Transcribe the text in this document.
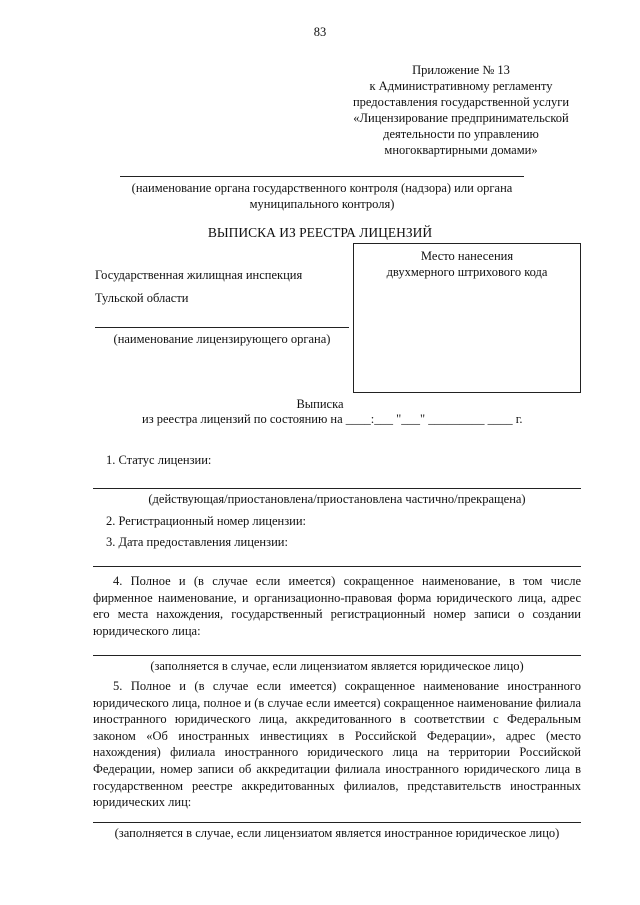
83
Приложение № 13
к Административному регламенту
предоставления государственной услуги
«Лицензирование предпринимательской
деятельности по управлению
многоквартирными домами»
(наименование органа государственного контроля (надзора) или органа
муниципального контроля)
ВЫПИСКА ИЗ РЕЕСТРА ЛИЦЕНЗИЙ
Место нанесения
двухмерного штрихового кода
Государственная жилищная инспекция
Тульской области
(наименование лицензирующего органа)
Выписка
из реестра лицензий по состоянию на ____:___ "___" _________ ____ г.
1. Статус лицензии:
(действующая/приостановлена/приостановлена частично/прекращена)
2. Регистрационный номер лицензии:
3. Дата предоставления лицензии:
4. Полное и (в случае если имеется) сокращенное наименование, в том числе фирменное наименование, и организационно-правовая форма юридического лица, адрес его места нахождения, государственный регистрационный номер записи о создании юридического лица:
(заполняется в случае, если лицензиатом является юридическое лицо)
5. Полное и (в случае если имеется) сокращенное наименование иностранного юридического лица, полное и (в случае если имеется) сокращенное наименование филиала иностранного юридического лица, аккредитованного в соответствии с Федеральным законом «Об иностранных инвестициях в Российской Федерации», адрес (место нахождения) филиала иностранного юридического лица на территории Российской Федерации, номер записи об аккредитации филиала иностранного юридического лица в государственном реестре аккредитованных филиалов, представительств иностранных юридических лиц:
(заполняется в случае, если лицензиатом является иностранное юридическое лицо)
